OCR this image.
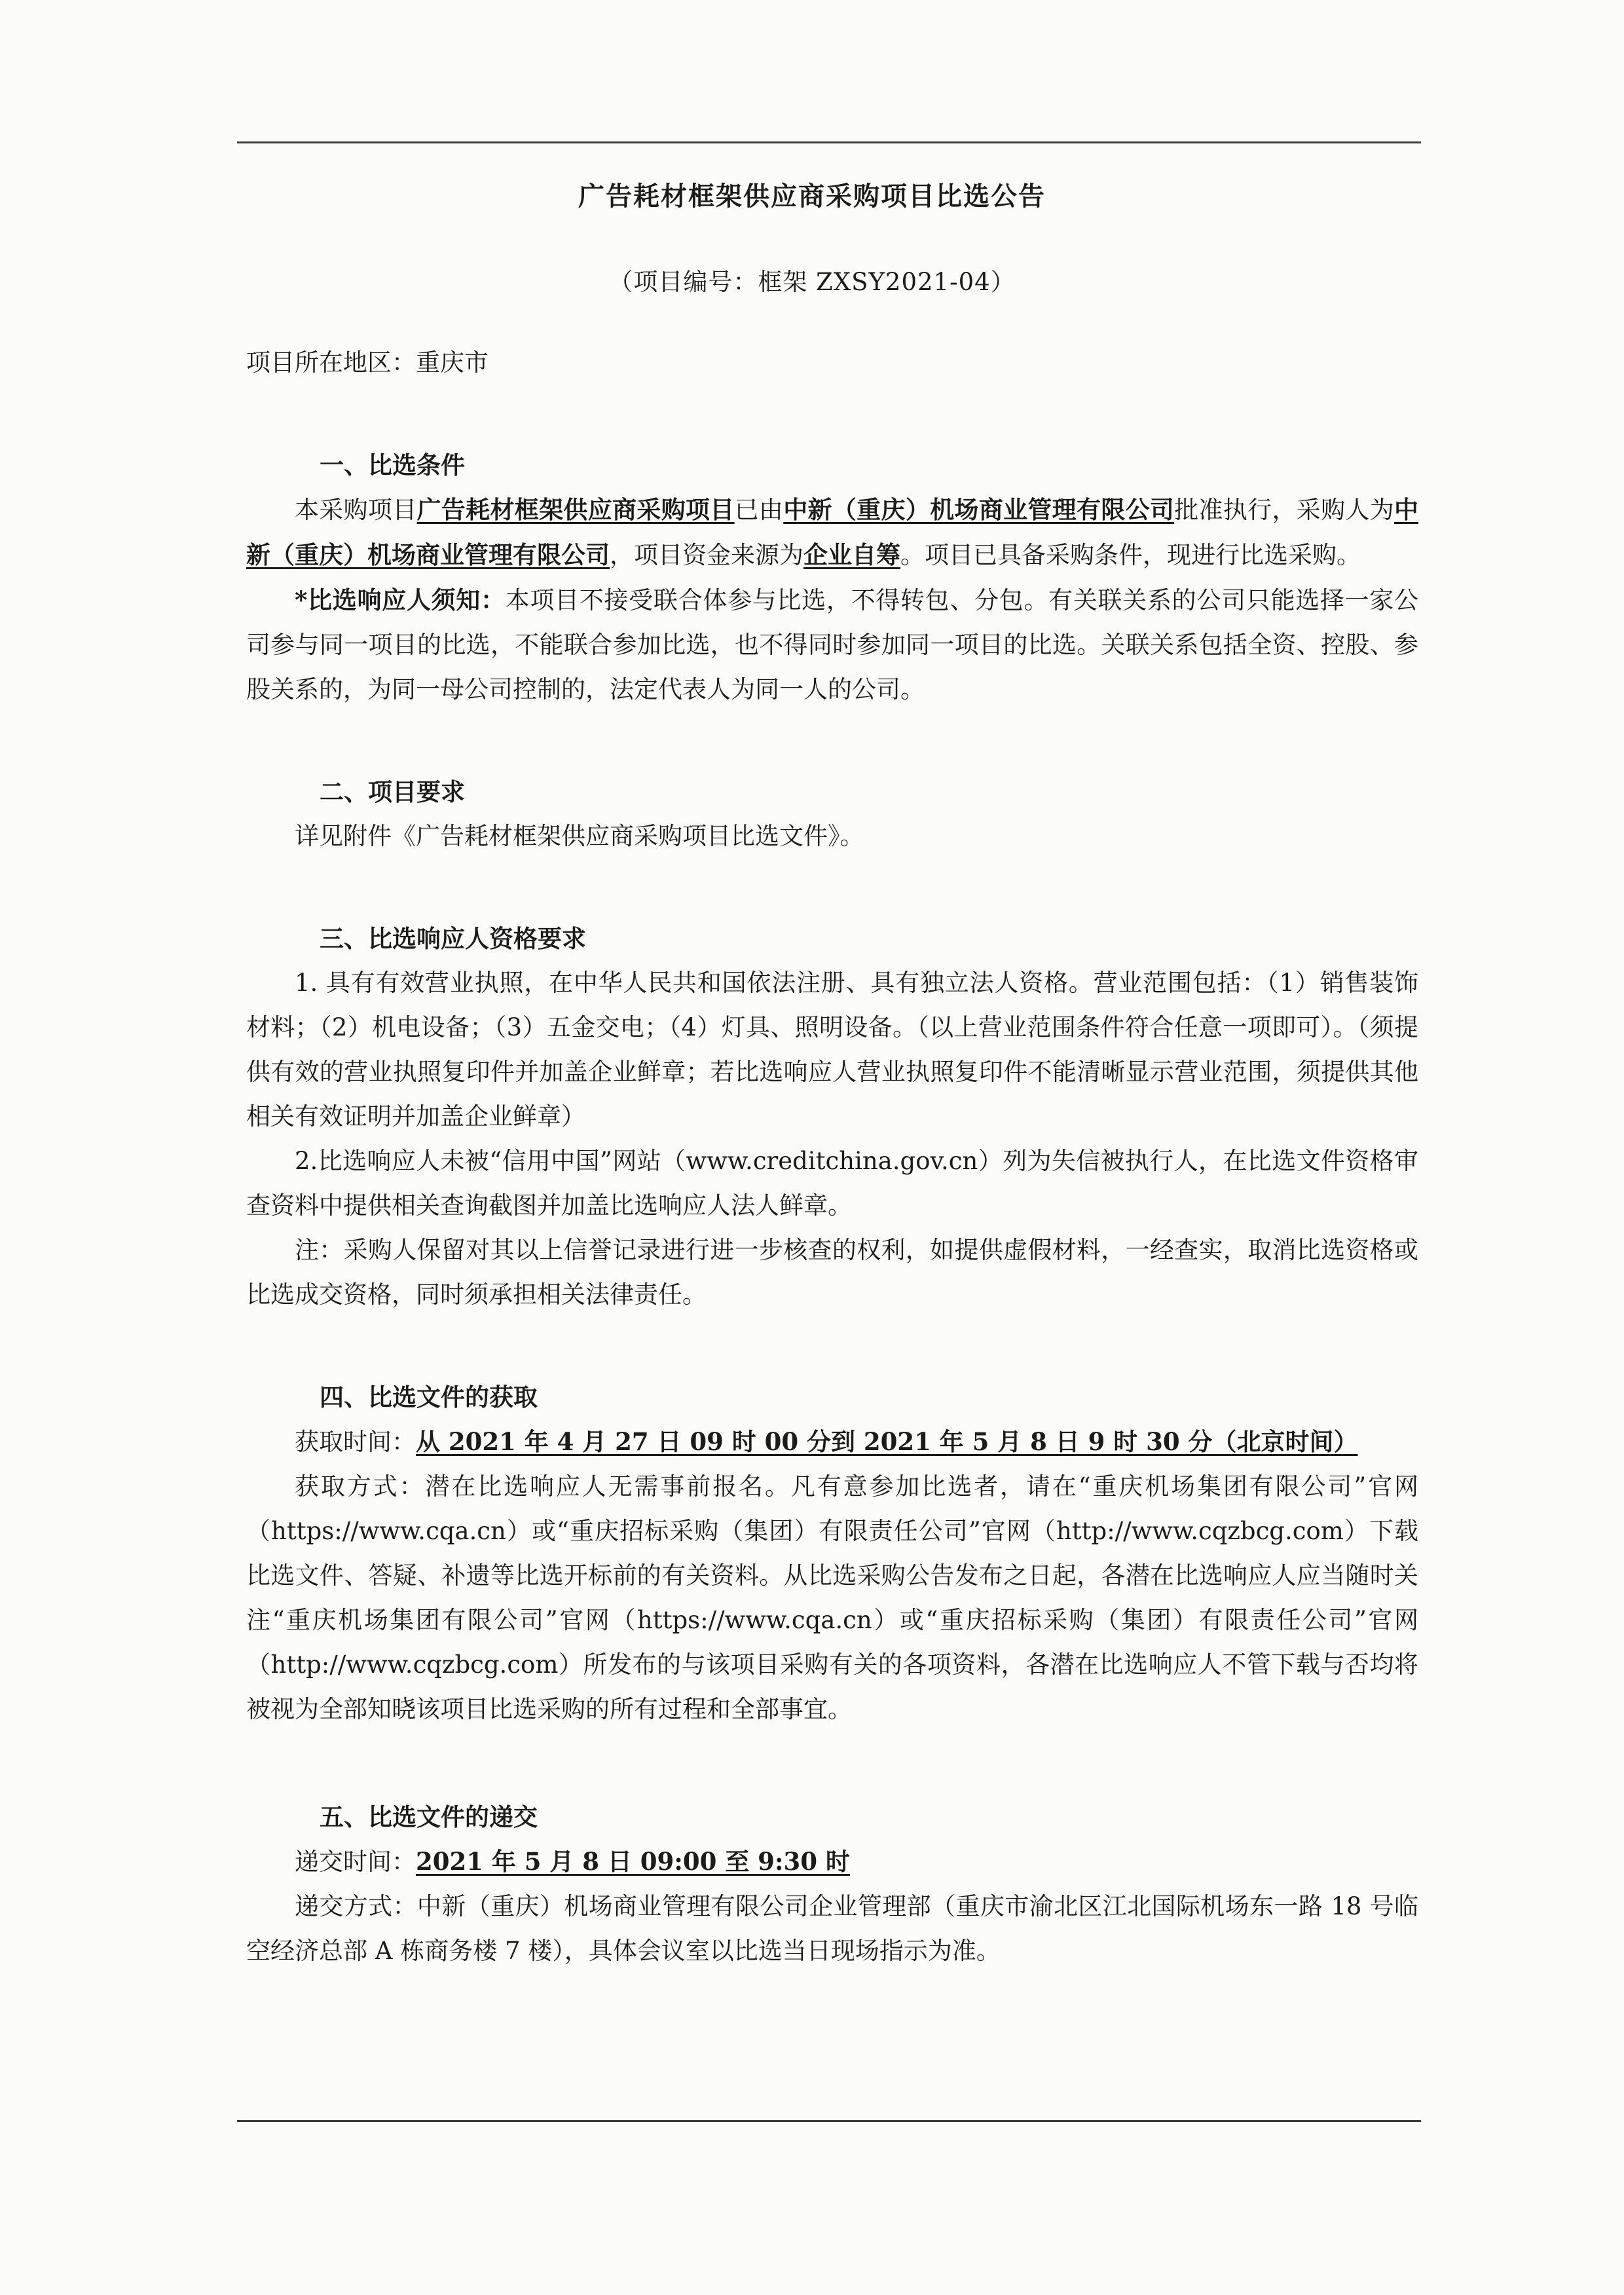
广告耗材框架供应商采购项目比选公告
（项目编号：框架 ZXSY2021-04）

项目所在地区：重庆市

一、比选条件

本采购项目广告耗材框架供应商采购项目已由中新（重庆）机场商业管理有限公司批准执行，采购人为中新（重庆）机场商业管理有限公司，项目资金来源为企业自筹。项目已具备采购条件，现进行比选采购。

*比选响应人须知：本项目不接受联合体参与比选，不得转包、分包。有关联关系的公司只能选择一家公司参与同一项目的比选，不能联合参加比选，也不得同时参加同一项目的比选。关联关系包括全资、控股、参股关系的，为同一母公司控制的，法定代表人为同一人的公司。

二、项目要求

详见附件《广告耗材框架供应商采购项目比选文件》。

三、比选响应人资格要求

1. 具有有效营业执照，在中华人民共和国依法注册、具有独立法人资格。营业范围包括：（1）销售装饰材料；（2）机电设备；（3）五金交电；（4）灯具、照明设备。（以上营业范围条件符合任意一项即可）。（须提供有效的营业执照复印件并加盖企业鲜章；若比选响应人营业执照复印件不能清晰显示营业范围，须提供其他相关有效证明并加盖企业鲜章）

2.比选响应人未被“信用中国”网站（www.creditchina.gov.cn）列为失信被执行人，在比选文件资格审查资料中提供相关查询截图并加盖比选响应人法人鲜章。

注：采购人保留对其以上信誉记录进行进一步核查的权利，如提供虚假材料，一经查实，取消比选资格或比选成交资格，同时须承担相关法律责任。

四、比选文件的获取

获取时间：从 2021 年 4 月 27 日 09 时 00 分到 2021 年 5 月 8 日 9 时 30 分（北京时间）

获取方式：潜在比选响应人无需事前报名。凡有意参加比选者，请在“重庆机场集团有限公司”官网（https://www.cqa.cn）或“重庆招标采购（集团）有限责任公司”官网（http://www.cqzbcg.com）下载比选文件、答疑、补遗等比选开标前的有关资料。从比选采购公告发布之日起，各潜在比选响应人应当随时关注“重庆机场集团有限公司”官网（https://www.cqa.cn）或“重庆招标采购（集团）有限责任公司”官网（http://www.cqzbcg.com）所发布的与该项目采购有关的各项资料，各潜在比选响应人不管下载与否均将被视为全部知晓该项目比选采购的所有过程和全部事宜。

五、比选文件的递交

递交时间：2021 年 5 月 8 日 09:00 至 9:30 时

递交方式：中新（重庆）机场商业管理有限公司企业管理部（重庆市渝北区江北国际机场东一路 18 号临空经济总部 A 栋商务楼 7 楼），具体会议室以比选当日现场指示为准。
